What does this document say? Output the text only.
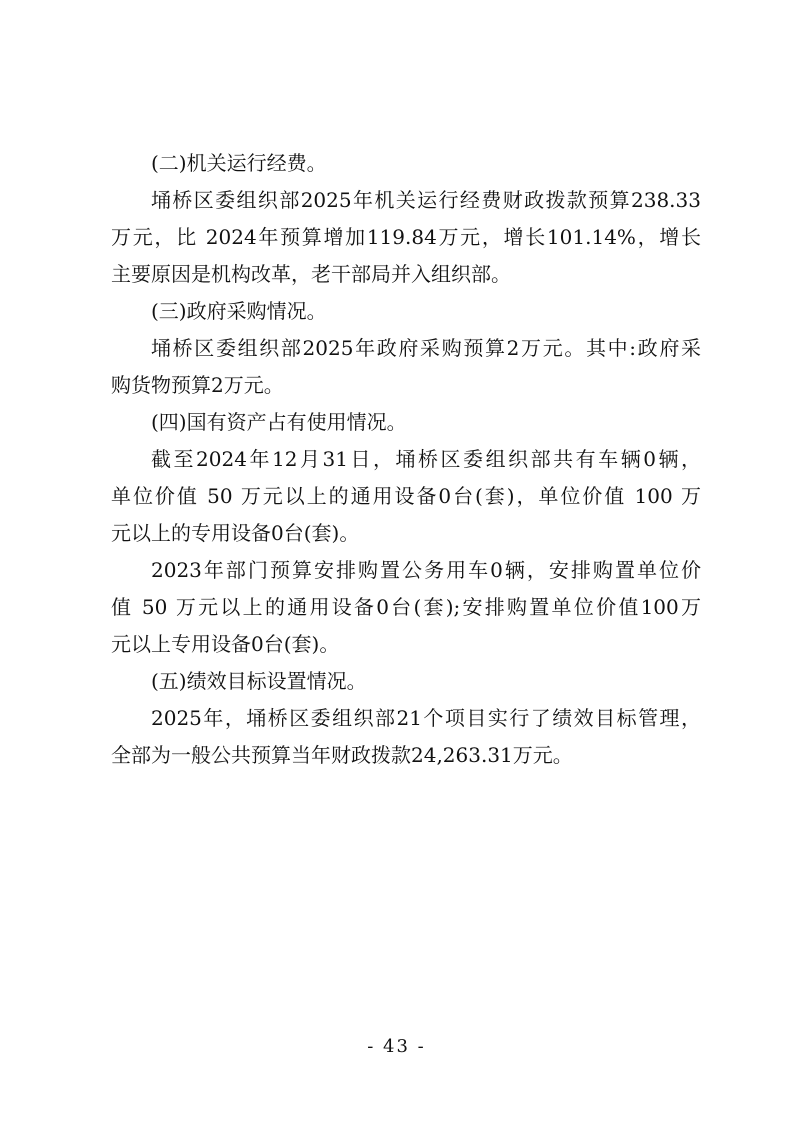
(二)机关运行经费。
埇桥区委组织部2025年机关运行经费财政拨款预算238.33
万元，比 2024年预算增加119.84万元，增长101.14%，增长
主要原因是机构改革，老干部局并入组织部。
(三)政府采购情况。
埇桥区委组织部2025年政府采购预算2万元。其中:政府采
购货物预算2万元。
(四)国有资产占有使用情况。
截至2024年12月31日，埇桥区委组织部共有车辆0辆，
单位价值 50 万元以上的通用设备0台(套)，单位价值 100 万
元以上的专用设备0台(套)。
2023年部门预算安排购置公务用车0辆，安排购置单位价
值 50 万元以上的通用设备0台(套);安排购置单位价值100万
元以上专用设备0台(套)。
(五)绩效目标设置情况。
2025年，埇桥区委组织部21个项目实行了绩效目标管理，
全部为一般公共预算当年财政拨款24,263.31万元。
- 43 -
